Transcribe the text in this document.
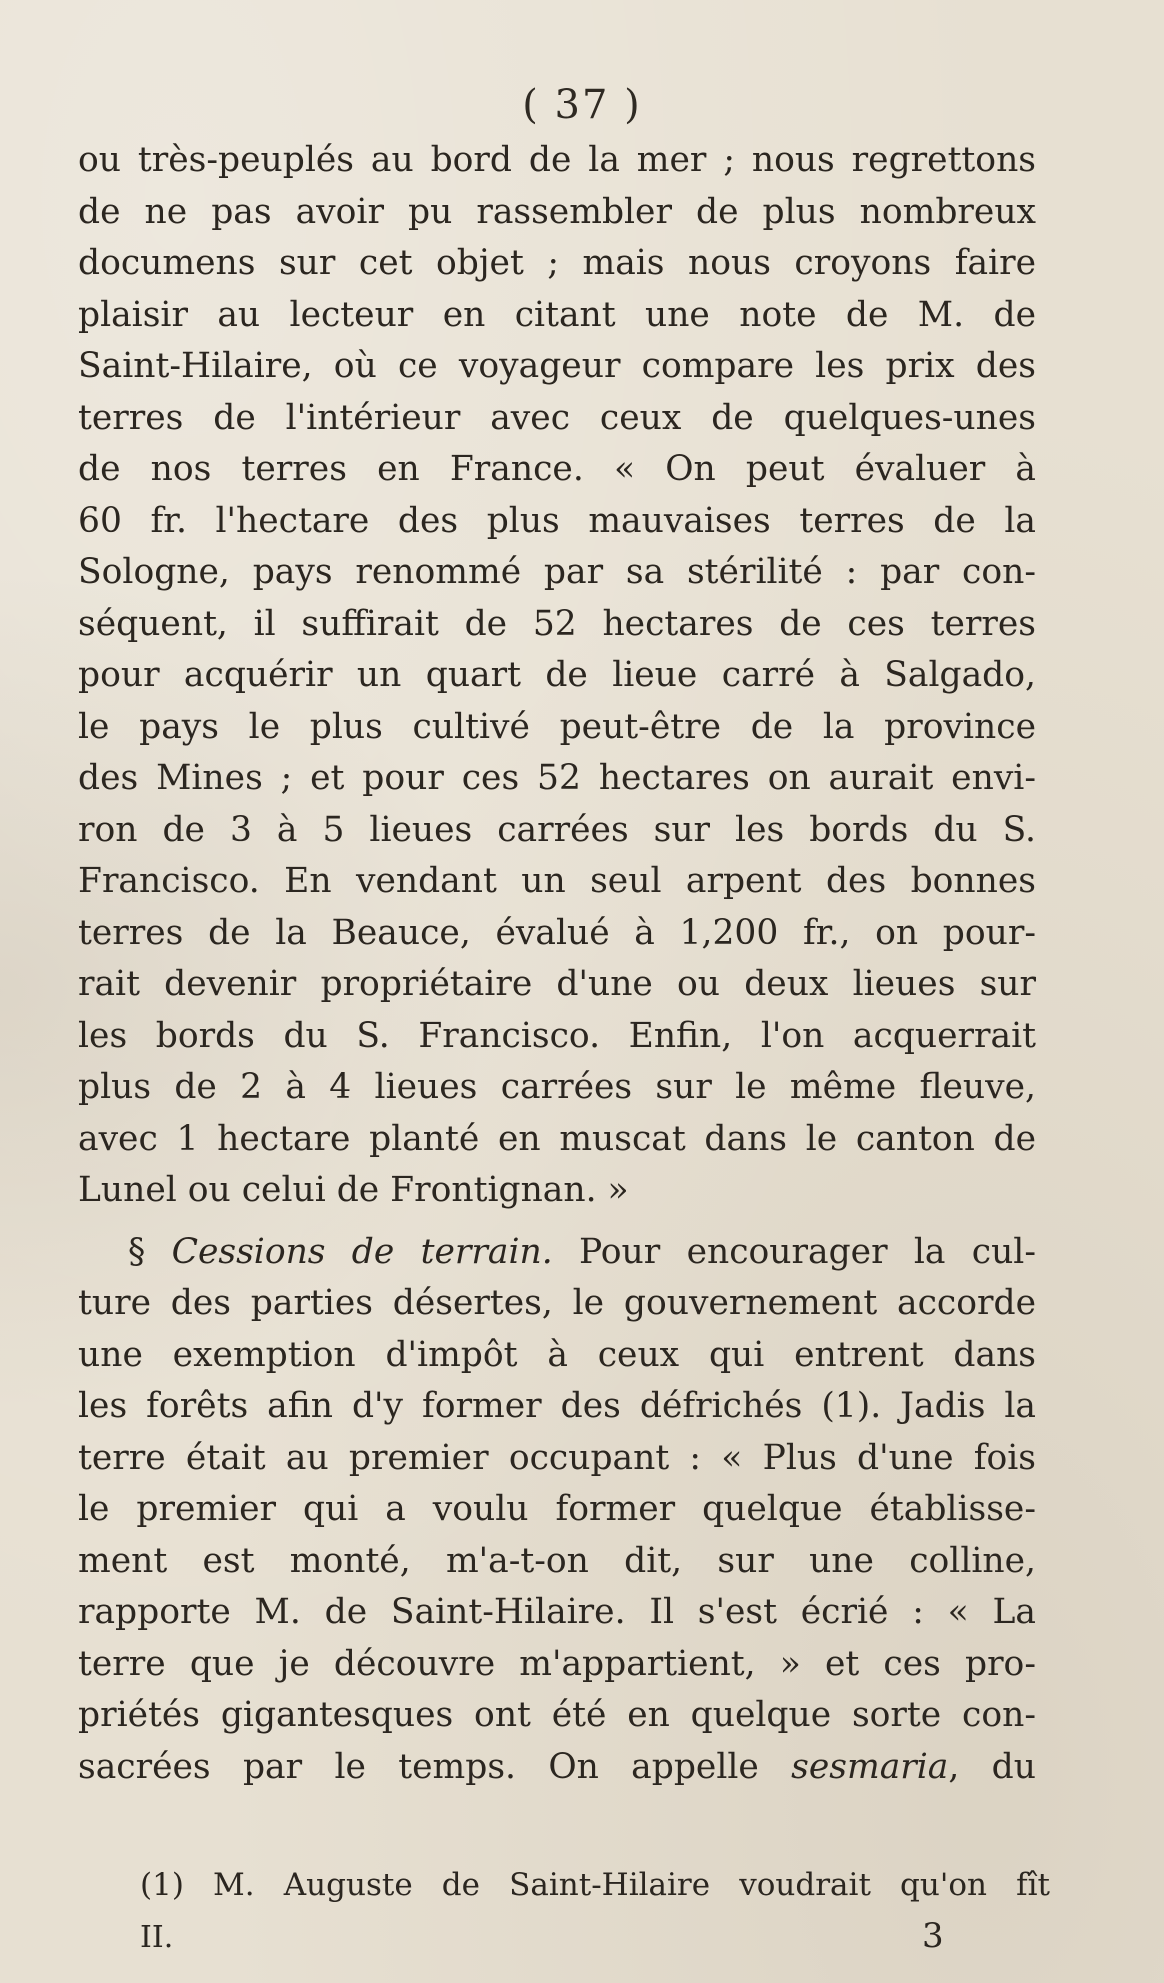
( 37 )
ou très-peuplés au bord de la mer ; nous regrettons
de ne pas avoir pu rassembler de plus nombreux
documens sur cet objet ; mais nous croyons faire
plaisir au lecteur en citant une note de M. de
Saint-Hilaire, où ce voyageur compare les prix des
terres de l'intérieur avec ceux de quelques-unes
de nos terres en France. « On peut évaluer à
60 fr. l'hectare des plus mauvaises terres de la
Sologne, pays renommé par sa stérilité : par con-
séquent, il suffirait de 52 hectares de ces terres
pour acquérir un quart de lieue carré à Salgado,
le pays le plus cultivé peut-être de la province
des Mines ; et pour ces 52 hectares on aurait envi-
ron de 3 à 5 lieues carrées sur les bords du S.
Francisco. En vendant un seul arpent des bonnes
terres de la Beauce, évalué à 1,200 fr., on pour-
rait devenir propriétaire d'une ou deux lieues sur
les bords du S. Francisco. Enfin, l'on acquerrait
plus de 2 à 4 lieues carrées sur le même fleuve,
avec 1 hectare planté en muscat dans le canton de
Lunel ou celui de Frontignan. »
§ Cessions de terrain. Pour encourager la cul-
ture des parties désertes, le gouvernement accorde
une exemption d'impôt à ceux qui entrent dans
les forêts afin d'y former des défrichés (1). Jadis la
terre était au premier occupant : « Plus d'une fois
le premier qui a voulu former quelque établisse-
ment est monté, m'a-t-on dit, sur une colline,
rapporte M. de Saint-Hilaire. Il s'est écrié : « La
terre que je découvre m'appartient, » et ces pro-
priétés gigantesques ont été en quelque sorte con-
sacrées par le temps. On appelle sesmaria, du
(1) M. Auguste de Saint-Hilaire voudrait qu'on fît
II.	3
